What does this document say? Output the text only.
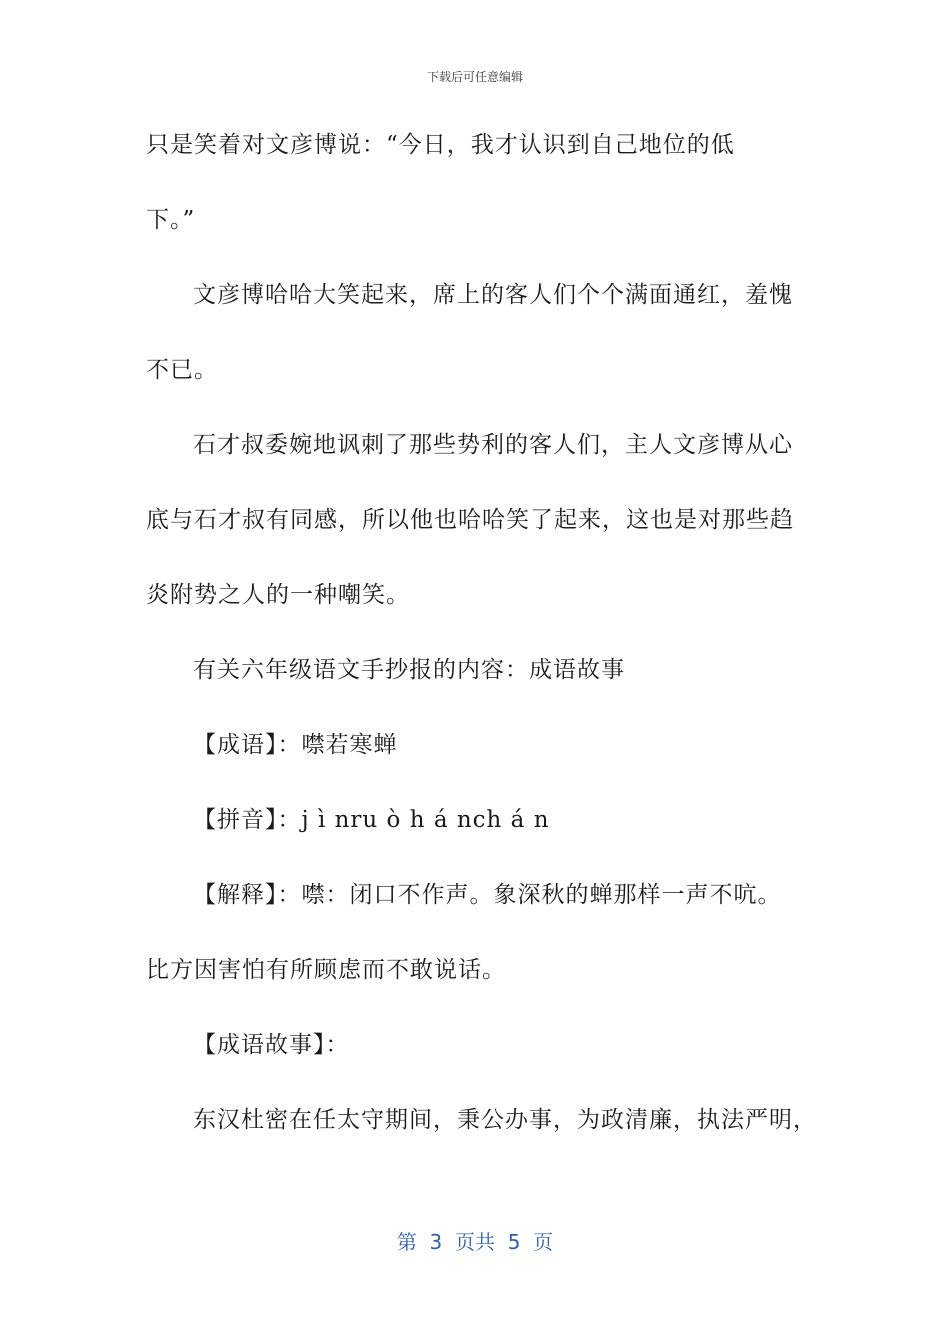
下载后可任意编辑
只是笑着对文彦博说：“今日，我才认识到自己地位的低
下。”
文彦博哈哈大笑起来，席上的客人们个个满面通红，羞愧
不已。
石才叔委婉地讽刺了那些势利的客人们，主人文彦博从心
底与石才叔有同感，所以他也哈哈笑了起来，这也是对那些趋
炎附势之人的一种嘲笑。
有关六年级语文手抄报的内容：成语故事
【成语】：噤若寒蝉
【拼音】：j ì nru ò h á nch á n
【解释】：噤：闭口不作声。象深秋的蝉那样一声不吭。
比方因害怕有所顾虑而不敢说话。
【成语故事】：
东汉杜密在任太守期间，秉公办事，为政清廉，执法严明，
第  3  页共  5  页
